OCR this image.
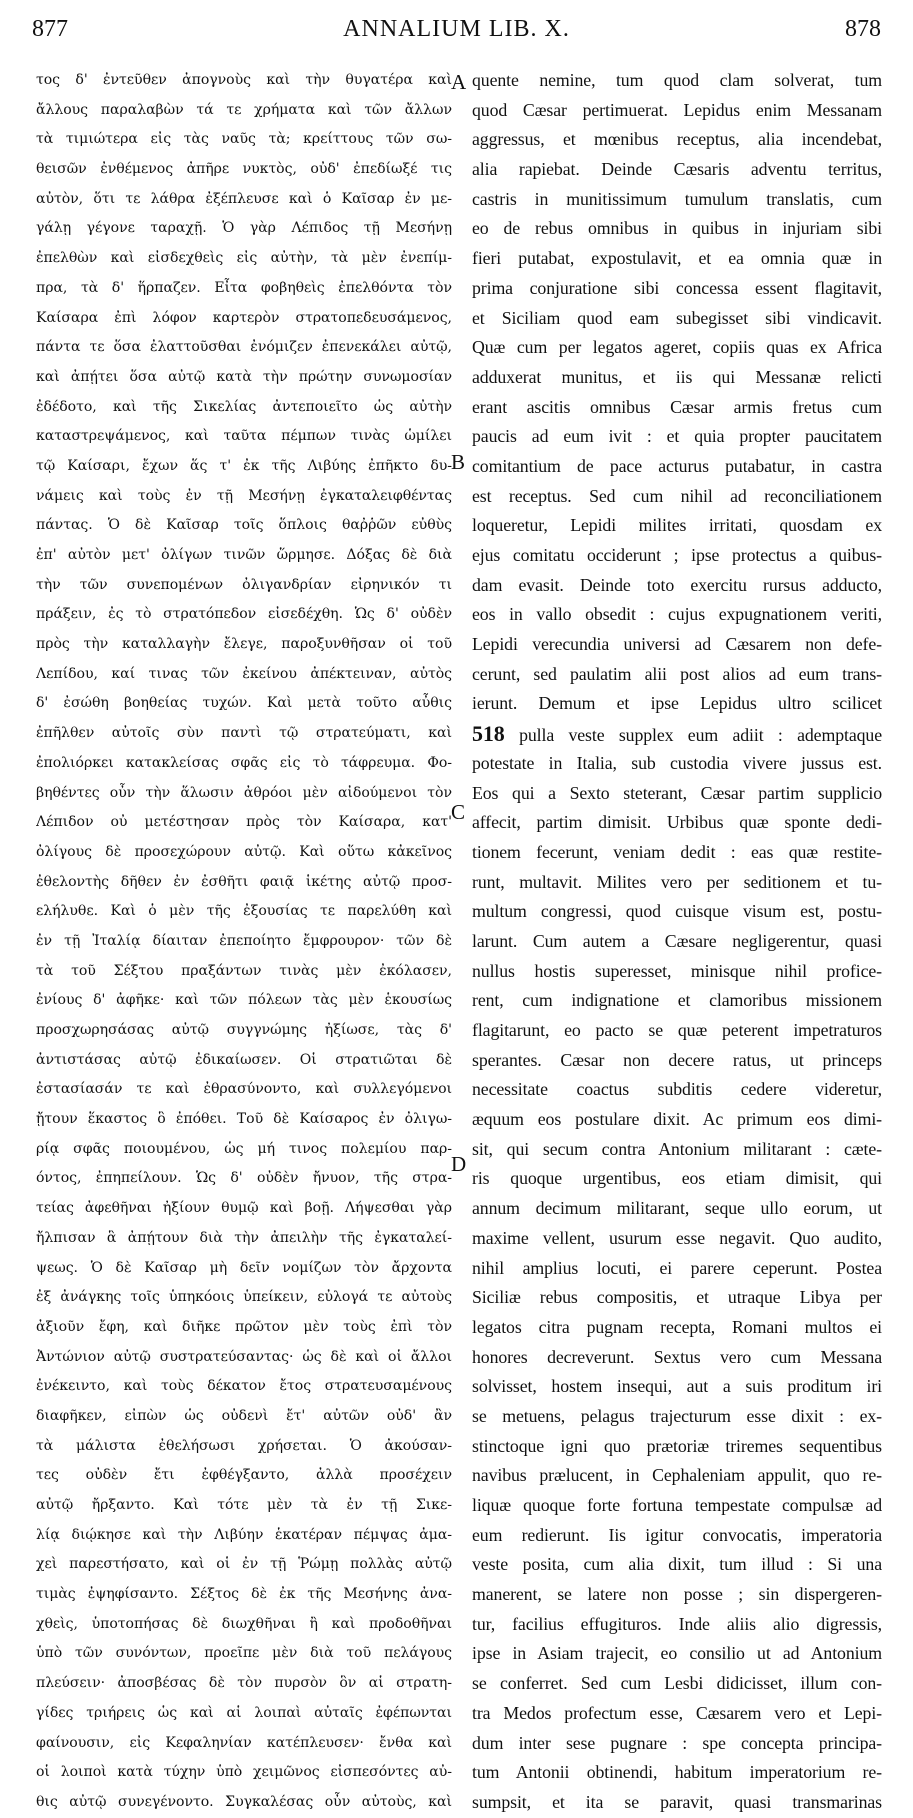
877	ANNALIUM LIB. X.	878
τος δ' ἐντεῦθεν ἀπογνοὺς καὶ τὴν θυγατέρα καὶ
ἄλλους παραλαβὼν τά τε χρήματα καὶ τῶν ἄλλων
τὰ τιμιώτερα εἰς τὰς ναῦς τὰ; κρείττους τῶν σω-
θεισῶν ἐνθέμενος ἀπῆρε νυκτὸς, οὐδ' ἐπεδίωξέ τις
αὐτὸν, ὅτι τε λάθρα ἐξέπλευσε καὶ ὁ Καῖσαρ ἐν με-
γάλῃ γέγονε ταραχῇ. Ὁ γὰρ Λέπιδος τῇ Μεσήνῃ
ἐπελθὼν καὶ εἰσδεχθεὶς εἰς αὐτὴν, τὰ μὲν ἐνεπίμ-
πρα, τὰ δ' ἥρπαζεν. Εἶτα φοβηθεὶς ἐπελθόντα τὸν
Καίσαρα ἐπὶ λόφον καρτερὸν στρατοπεδευσάμενος,
πάντα τε ὅσα ἐλαττοῦσθαι ἐνόμιζεν ἐπενεκάλει αὐτῷ,
καὶ ἀπῄτει ὅσα αὐτῷ κατὰ τὴν πρώτην συνωμοσίαν
ἐδέδοτο, καὶ τῆς Σικελίας ἀντεποιεῖτο ὡς αὐτὴν
καταστρεψάμενος, καὶ ταῦτα πέμπων τινὰς ὡμίλει
τῷ Καίσαρι, ἔχων ἅς τ' ἐκ τῆς Λιβύης ἐπῆκτο δυ-
νάμεις καὶ τοὺς ἐν τῇ Μεσήνῃ ἐγκαταλειφθέντας
πάντας. Ὁ δὲ Καῖσαρ τοῖς ὅπλοις θαῤῥῶν εὐθὺς
ἐπ' αὐτὸν μετ' ὀλίγων τινῶν ὥρμησε. Δόξας δὲ διὰ
τὴν τῶν συνεπομένων ὀλιγανδρίαν εἰρηνικόν τι
πράξειν, ἐς τὸ στρατόπεδον εἰσεδέχθη. Ὡς δ' οὐδὲν
πρὸς τὴν καταλλαγὴν ἔλεγε, παροξυνθῆσαν οἱ τοῦ
Λεπίδου, καί τινας τῶν ἐκείνου ἀπέκτειναν, αὐτὸς
δ' ἐσώθη βοηθείας τυχών. Καὶ μετὰ τοῦτο αὖθις
ἐπῆλθεν αὐτοῖς σὺν παντὶ τῷ στρατεύματι, καὶ
ἐπολιόρκει κατακλείσας σφᾶς εἰς τὸ τάφρευμα. Φο-
βηθέντες οὖν τὴν ἅλωσιν ἀθρόοι μὲν αἰδούμενοι τὸν
Λέπιδον οὐ μετέστησαν πρὸς τὸν Καίσαρα, κατ'
ὀλίγους δὲ προσεχώρουν αὐτῷ. Καὶ οὕτω κἀκεῖνος
ἐθελοντὴς δῆθεν ἐν ἐσθῆτι φαιᾷ ἱκέτης αὐτῷ προσ-
ελήλυθε. Καὶ ὁ μὲν τῆς ἐξουσίας τε παρελύθη καὶ
ἐν τῇ Ἰταλίᾳ δίαιταν ἐπεποίητο ἔμφρουρον· τῶν δὲ
τὰ τοῦ Σέξτου πραξάντων τινὰς μὲν ἐκόλασεν,
ἐνίους δ' ἀφῆκε· καὶ τῶν πόλεων τὰς μὲν ἑκουσίως
προσχωρησάσας αὐτῷ συγγνώμης ἠξίωσε, τὰς δ'
ἀντιστάσας αὐτῷ ἐδικαίωσεν. Οἱ στρατιῶται δὲ
ἐστασίασάν τε καὶ ἐθρασύνοντο, καὶ συλλεγόμενοι
ᾔτουν ἕκαστος ὃ ἐπόθει. Τοῦ δὲ Καίσαρος ἐν ὀλιγω-
ρίᾳ σφᾶς ποιουμένου, ὡς μή τινος πολεμίου παρ-
όντος, ἐπηπείλουν. Ὡς δ' οὐδὲν ἤνυον, τῆς στρα-
τείας ἀφεθῆναι ἠξίουν θυμῷ καὶ βοῇ. Λήψεσθαι γὰρ
ἤλπισαν ἃ ἀπῄτουν διὰ τὴν ἀπειλὴν τῆς ἐγκαταλεί-
ψεως. Ὁ δὲ Καῖσαρ μὴ δεῖν νομίζων τὸν ἄρχοντα
ἐξ ἀνάγκης τοῖς ὑπηκόοις ὑπείκειν, εὐλογά τε αὐτοὺς
ἀξιοῦν ἔφη, καὶ διῆκε πρῶτον μὲν τοὺς ἐπὶ τὸν
Ἀντώνιον αὐτῷ συστρατεύσαντας· ὡς δὲ καὶ οἱ ἄλλοι
ἐνέκειντο, καὶ τοὺς δέκατον ἔτος στρατευσαμένους
διαφῆκεν, εἰπὼν ὡς οὐδενὶ ἔτ' αὐτῶν οὐδ' ἂν
τὰ μάλιστα ἐθελήσωσι χρήσεται. Ὁ ἀκούσαν-
τες οὐδὲν ἔτι ἐφθέγξαντο, ἀλλὰ προσέχειν
αὐτῷ ἤρξαντο. Καὶ τότε μὲν τὰ ἐν τῇ Σικε-
λίᾳ διῴκησε καὶ τὴν Λιβύην ἑκατέραν πέμψας ἀμα-
χεὶ παρεστήσατο, καὶ οἱ ἐν τῇ Ῥώμῃ πολλὰς αὐτῷ
τιμὰς ἐψηφίσαντο. Σέξτος δὲ ἐκ τῆς Μεσήνης ἀνα-
χθεὶς, ὑποτοπήσας δὲ διωχθῆναι ἢ καὶ προδοθῆναι
ὑπὸ τῶν συνόντων, προεῖπε μὲν διὰ τοῦ πελάγους
πλεύσειν· ἀποσβέσας δὲ τὸν πυρσὸν ὃν αἱ στρατη-
γίδες τριήρεις ὡς καὶ αἱ λοιπαὶ αὐταῖς ἐφέπωνται
φαίνουσιν, εἰς Κεφαληνίαν κατέπλευσεν· ἔνθα καὶ
οἱ λοιποὶ κατὰ τύχην ὑπὸ χειμῶνος εἰσπεσόντες αὐ-
θις αὐτῷ συνεγένοντο. Συγκαλέσας οὖν αὐτοὺς, καὶ
quente nemine, tum quod clam solverat, tum
quod Cæsar pertimuerat. Lepidus enim Messanam
aggressus, et mœnibus receptus, alia incendebat,
alia rapiebat. Deinde Cæsaris adventu territus,
castris in munitissimum tumulum translatis, cum
eo de rebus omnibus in quibus in injuriam sibi
fieri putabat, expostulavit, et ea omnia quæ in
prima conjuratione sibi concessa essent flagitavit,
et Siciliam quod eam subegisset sibi vindicavit.
Quæ cum per legatos ageret, copiis quas ex Africa
adduxerat munitus, et iis qui Messanæ relicti
erant ascitis omnibus Cæsar armis fretus cum
paucis ad eum ivit : et quia propter paucitatem
comitantium de pace acturus putabatur, in castra
est receptus. Sed cum nihil ad reconciliationem
loqueretur, Lepidi milites irritati, quosdam ex
ejus comitatu occiderunt ; ipse protectus a quibus-
dam evasit. Deinde toto exercitu rursus adducto,
eos in vallo obsedit : cujus expugnationem veriti,
Lepidi verecundia universi ad Cæsarem non defe-
cerunt, sed paulatim alii post alios ad eum trans-
ierunt. Demum et ipse Lepidus ultro scilicet
518 pulla veste supplex eum adiit : ademptaque
potestate in Italia, sub custodia vivere jussus est.
Eos qui a Sexto steterant, Cæsar partim supplicio
affecit, partim dimisit. Urbibus quæ sponte dedi-
tionem fecerunt, veniam dedit : eas quæ restite-
runt, multavit. Milites vero per seditionem et tu-
multum congressi, quod cuisque visum est, postu-
larunt. Cum autem a Cæsare negligerentur, quasi
nullus hostis superesset, minisque nihil profice-
rent, cum indignatione et clamoribus missionem
flagitarunt, eo pacto se quæ peterent impetraturos
sperantes. Cæsar non decere ratus, ut princeps
necessitate coactus subditis cedere videretur,
æquum eos postulare dixit. Ac primum eos dimi-
sit, qui secum contra Antonium militarant : cæte-
ris quoque urgentibus, eos etiam dimisit, qui
annum decimum militarant, seque ullo eorum, ut
maxime vellent, usurum esse negavit. Quo audito,
nihil amplius locuti, ei parere ceperunt. Postea
Siciliæ rebus compositis, et utraque Libya per
legatos citra pugnam recepta, Romani multos ei
honores decreverunt. Sextus vero cum Messana
solvisset, hostem insequi, aut a suis proditum iri
se metuens, pelagus trajecturum esse dixit : ex-
stinctoque igni quo prætoriæ triremes sequentibus
navibus prælucent, in Cephaleniam appulit, quo re-
liquæ quoque forte fortuna tempestate compulsæ ad
eum redierunt. Iis igitur convocatis, imperatoria
veste posita, cum alia dixit, tum illud : Si una
manerent, se latere non posse ; sin dispergeren-
tur, facilius effugituros. Inde aliis alio digressis,
ipse in Asiam trajecit, eo consilio ut ad Antonium
se conferret. Sed cum Lesbi didicisset, illum con-
tra Medos profectum esse, Cæsarem vero et Lepi-
dum inter sese pugnare : spe concepta principa-
tum Antonii obtinendi, habitum imperatorium re-
sumpsit, et ita se paravit, quasi transmarinas
A
B
C
D
